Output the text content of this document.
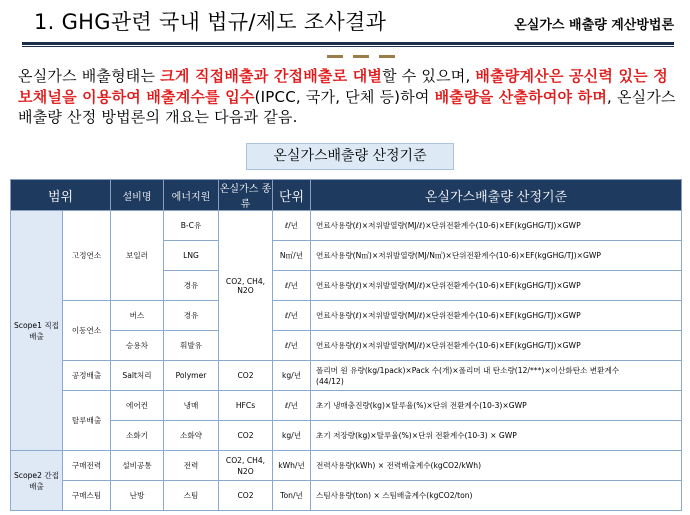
1. GHG관련 국내 법규/제도 조사결과	온실가스 배출량 계산방법론
온실가스 배출형태는 크게 직접배출과 간접배출로 대별할 수 있으며, 배출량계산은 공신력 있는 정보채널을 이용하여 배출계수를 입수(IPCC, 국가, 단체 등)하여 배출량을 산출하여야 하며, 온실가스 배출량 산정 방법론의 개요는 다음과 같음.
온실가스배출량 산정기준
범위		설비명	에너지원	온실가스 종류	단위	온실가스배출량 산정기준
Scope1 직접배출	고정연소	보일러	B-C유	CO2, CH4, N2O	ℓ/년	연료사용량(ℓ)×저위발열량(MJ/ℓ)×단위전환계수(10-6)×EF(kgGHG/TJ)×GWP
			LNG		N㎥/년	연료사용량(N㎥)×저위발열량(MJ/N㎥)×단위전환계수(10-6)×EF(kgGHG/TJ)×GWP
			경유		ℓ/년	연료사용량(ℓ)×저위발열량(MJ/ℓ)×단위전환계수(10-6)×EF(kgGHG/TJ)×GWP
	이동연소	버스	경유		ℓ/년	연료사용량(ℓ)×저위발열량(MJ/ℓ)×단위전환계수(10-6)×EF(kgGHG/TJ)×GWP
		승용차	휘발유		ℓ/년	연료사용량(ℓ)×저위발열량(MJ/ℓ)×단위전환계수(10-6)×EF(kgGHG/TJ)×GWP
	공정배출	Salt처리	Polymer	CO2	kg/년	폴리머 원 유량(kg/1pack)×Pack 수(개)×폴리머 내 탄소량(12/***)×이산화탄소 변환계수
(44/12)
	탈루배출	에어컨	냉매	HFCs	ℓ/년	초기 냉매충진량(kg)×탈루율(%)×단위 전환계수(10-3)×GWP
		소화기	소화약	CO2	kg/년	초기 저장량(kg)×탈루율(%)×단위 전환계수(10-3) × GWP
Scope2 간접배출	구매전력	설비공통	전력	CO2, CH4, N2O	kWh/년	전력사용량(kWh) × 전력배출계수(kgCO2/kWh)
	구매스팀	난방	스팀	CO2	Ton/년	스팀사용량(ton) × 스팀배출계수(kgCO2/ton)
